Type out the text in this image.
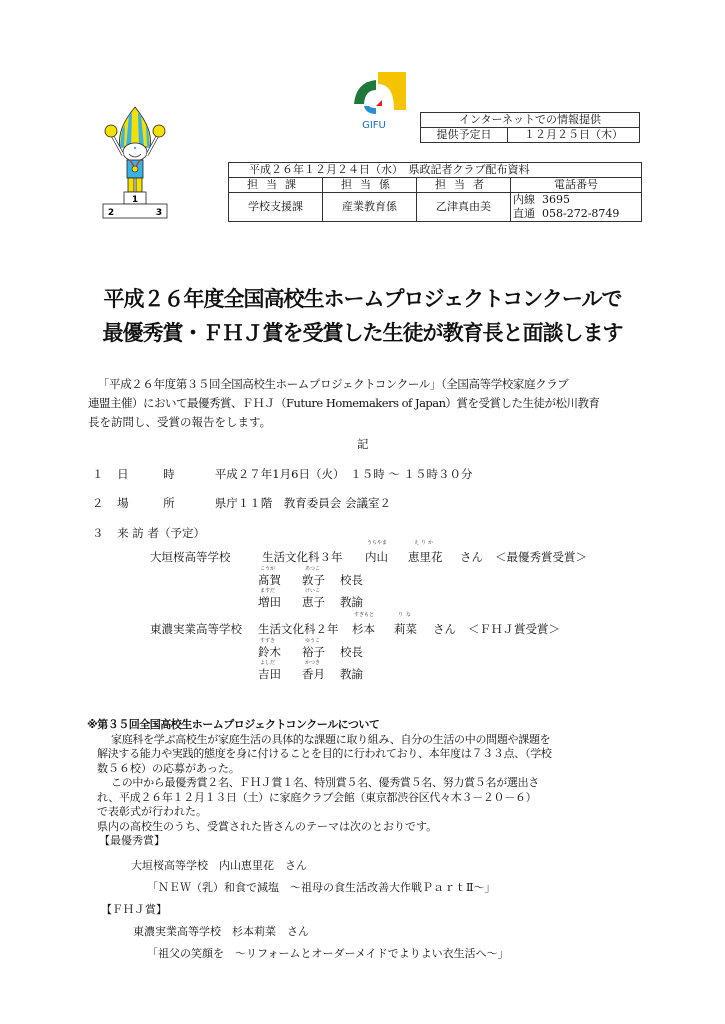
1
2	3
GIFU	インターネットでの情報提供
提供予定日	１２月２５日（木）
平成２６年１２月２４日（水）　県政記者クラブ配布資料			
担当課	担当係	担当者	電話番号
学校支援課	産業教育係	乙津真由美	内線 3695
直通 058-272-8749
平成２６年度全国高校生ホームプロジェクトコンクールで
最優秀賞・ＦＨＪ賞を受賞した生徒が教育長と面談します
「平成２６年度第３５回全国高校生ホームプロジェクトコンクール」（全国高等学校家庭クラブ
連盟主催）において最優秀賞、ＦＨＪ（Future Homemakers of Japan）賞を受賞した生徒が松川教育
長を訪問し、受賞の報告をします。
記
１ 日　　　時	平成２７年1月6日（火）　１５時 ～ １５時３０分
２ 場　　　所	県庁１１階　教育委員会 会議室２
３ 来 訪 者（予定）
大垣桜高等学校	生活文化科３年
うちやま
内山
えりか
恵里花 さん ＜最優秀賞受賞＞
こうが	あつこ
髙賀 敦子 校長
ますだ	けいこ
増田 恵子 教諭
東濃実業高等学校 生活文化科２年
すぎもと
杉本
りな
莉菜 さん ＜ＦＨＪ賞受賞＞
すずき	ゆうこ
鈴木 裕子 校長
よしだ	かつき
吉田 香月 教諭
※第３５回全国高校生ホームプロジェクトコンクールについて
家庭科を学ぶ高校生が家庭生活の具体的な課題に取り組み、自分の生活の中の問題や課題を
解決する能力や実践的態度を身に付けることを目的に行われており、本年度は７３３点、（学校
数５６校）の応募があった。
この中から最優秀賞２名、ＦＨＪ賞１名、特別賞５名、優秀賞５名、努力賞５名が選出さ
れ、平成２６年１２月１３日（土）に家庭クラブ会館（東京都渋谷区代々木３－２０－６）
で表彰式が行われた。
県内の高校生のうち、受賞された皆さんのテーマは次のとおりです。
【最優秀賞】
大垣桜高等学校　内山恵里花　さん
「ＮＥＷ（乳）和食で減塩　～祖母の食生活改善大作戦ＰａｒｔⅡ～」
【ＦＨＪ賞】
東濃実業高等学校　杉本莉菜　さん
「祖父の笑顔を　～リフォームとオーダーメイドでよりよい衣生活へ～」
